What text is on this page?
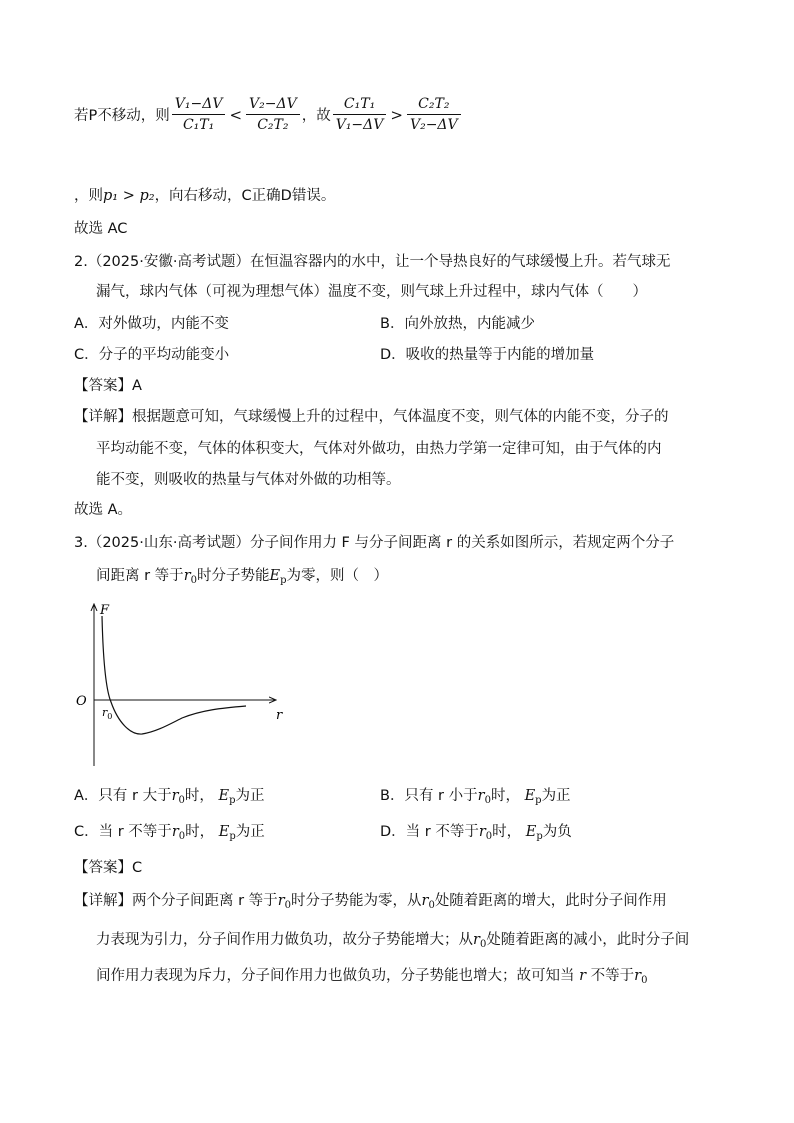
若P不移动，则 $\frac{\text{V₁−ΔV}}{\text{C₁T₁}} < \frac{\text{V₂−ΔV}}{\text{C₂T₂}}$ ，故 $\frac{\text{C₁T₁}}{\text{V₁−ΔV}} > \frac{\text{C₂T₂}}{\text{V₂−ΔV}}$
，则p₁ > p₂，向右移动，C正确D错误。
故选 AC
2.（2025·安徽·高考试题）在恒温容器内的水中，让一个导热良好的气球缓慢上升。若气球无
漏气，球内气体（可视为理想气体）温度不变，则气球上升过程中，球内气体（　　）
A．对外做功，内能不变	B．向外放热，内能减少
C．分子的平均动能变小	D．吸收的热量等于内能的增加量
【答案】A
【详解】根据题意可知，气球缓慢上升的过程中，气体温度不变，则气体的内能不变，分子的
平均动能不变，气体的体积变大，气体对外做功，由热力学第一定律可知，由于气体的内
能不变，则吸收的热量与气体对外做的功相等。
故选 A。
3.（2025·山东·高考试题）分子间作用力 F 与分子间距离 r 的关系如图所示，若规定两个分子
间距离 r 等于$r_0$时分子势能$E_p$为零，则（　）
F
O
r
$r_0$
A．只有 r 大于$r_0$时， $E_p$为正	B．只有 r 小于$r_0$时， $E_p$为正
C．当 r 不等于$r_0$时， $E_p$为正	D．当 r 不等于$r_0$时， $E_p$为负
【答案】C
【详解】两个分子间距离 r 等于$r_0$时分子势能为零，从$r_0$处随着距离的增大，此时分子间作用
力表现为引力，分子间作用力做负功，故分子势能增大；从$r_0$处随着距离的减小，此时分子间
间作用力表现为斥力，分子间作用力也做负功，分子势能也增大；故可知当 r 不等于$r_0$
